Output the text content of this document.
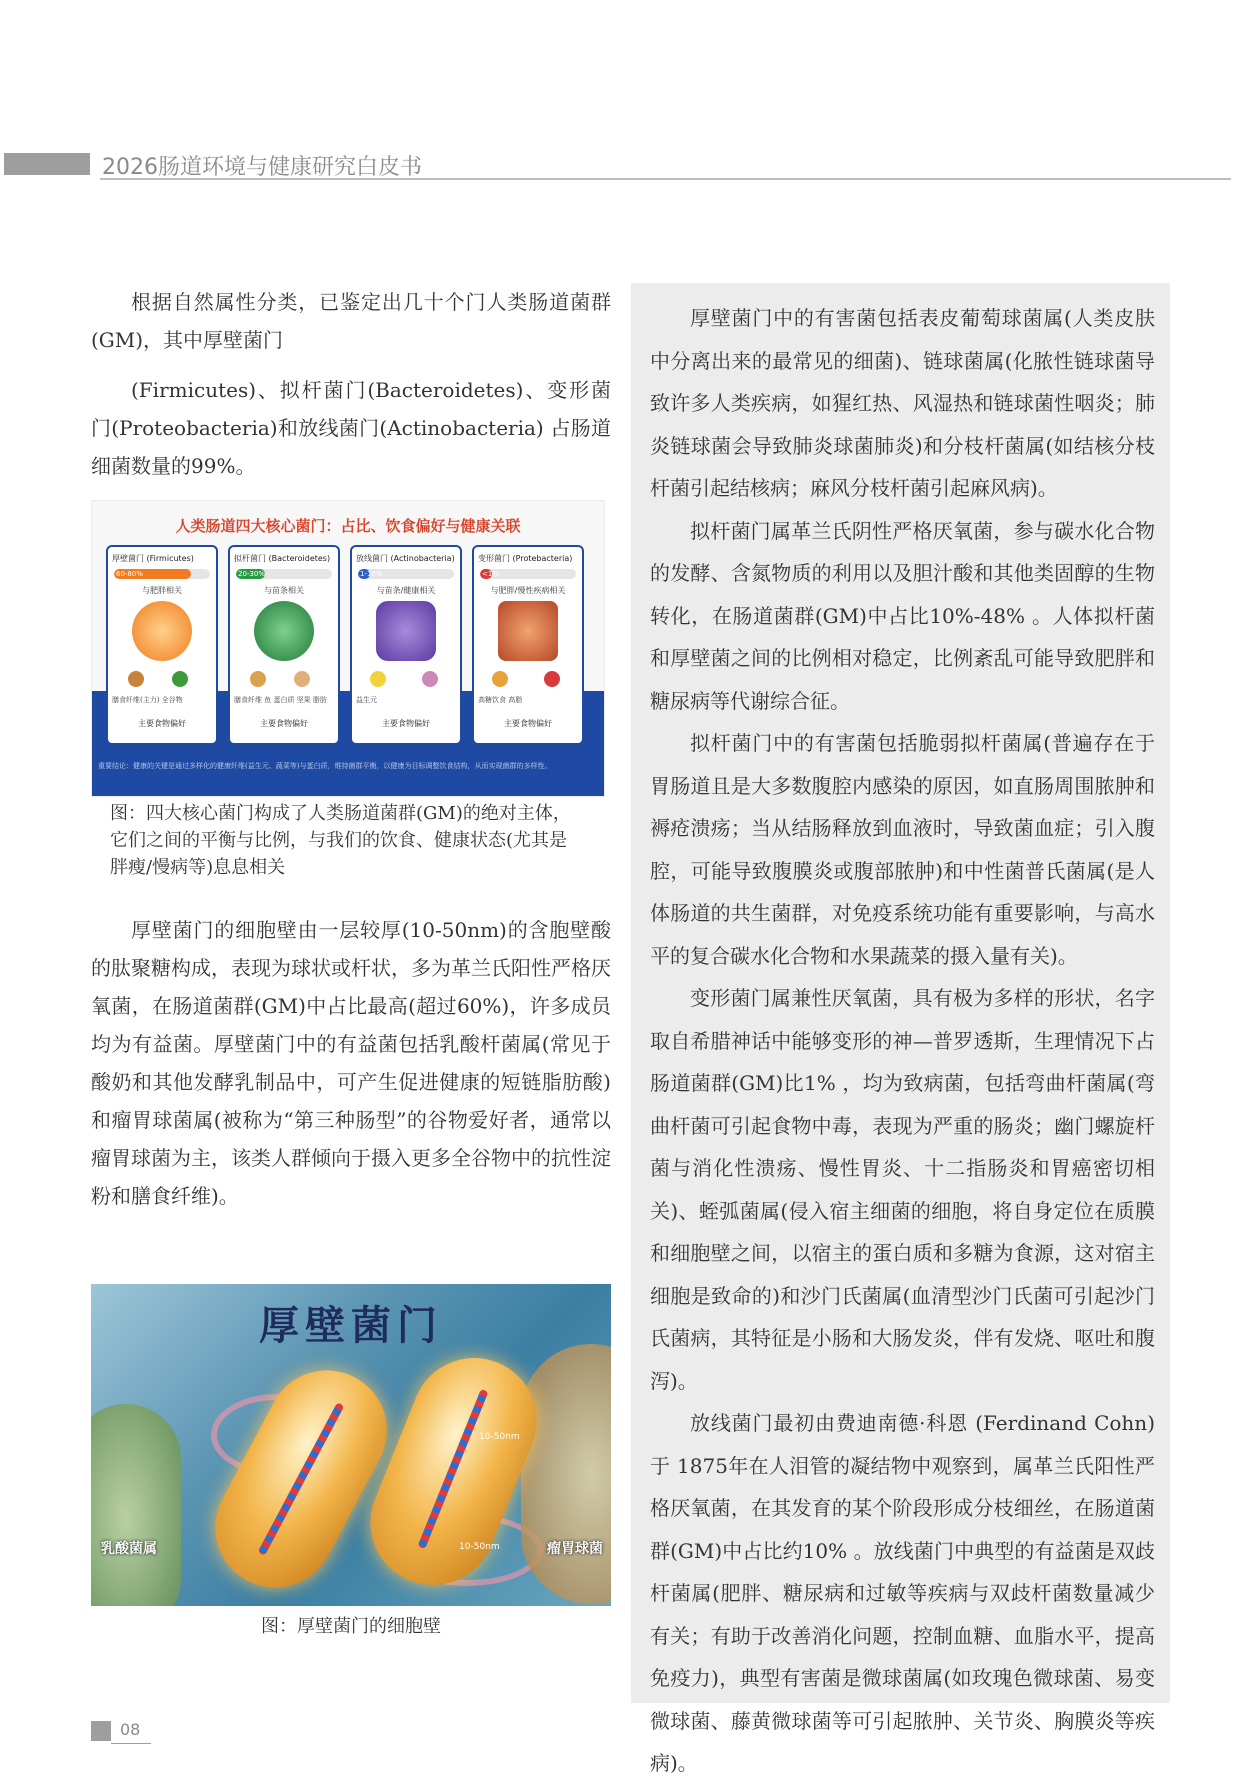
2026肠道环境与健康研究白皮书

根据自然属性分类，已鉴定出几十个门人类肠道菌群(GM)，其中厚壁菌门

(Firmicutes)、拟杆菌门(Bacteroidetes)、变形菌门(Proteobacteria)和放线菌门(Actinobacteria) 占肠道细菌数量的99%。

人类肠道四大核心菌门：占比、饮食偏好与健康关联
厚壁菌门 (Firmicutes)
60-80%
与肥胖相关
膳食纤维(主力) 全谷物
主要食物偏好
拟杆菌门 (Bacteroidetes)
20-30%
与苗条相关
膳食纤维 鱼 蛋白质 坚果 脂肪
主要食物偏好
放线菌门 (Actinobacteria)
1-10%
与苗条/健康相关
益生元
主要食物偏好
变形菌门 (Protebacteria)
<1%
与肥胖/慢性疾病相关
高糖饮食 高脂
主要食物偏好
重要结论：健康的关键是通过多样化的健康纤维(益生元、蔬菜等)与蛋白质，维持菌群平衡，以健康为目标调整饮食结构，从而实现菌群的多样性。
图：四大核心菌门构成了人类肠道菌群(GM)的绝对主体，它们之间的平衡与比例，与我们的饮食、健康状态(尤其是胖瘦/慢病等)息息相关

厚壁菌门的细胞壁由一层较厚(10-50nm)的含胞壁酸的肽聚糖构成，表现为球状或杆状，多为革兰氏阳性严格厌氧菌，在肠道菌群(GM)中占比最高(超过60%)，许多成员均为有益菌。厚壁菌门中的有益菌包括乳酸杆菌属(常见于酸奶和其他发酵乳制品中，可产生促进健康的短链脂肪酸)和瘤胃球菌属(被称为“第三种肠型”的谷物爱好者，通常以瘤胃球菌为主，该类人群倾向于摄入更多全谷物中的抗性淀粉和膳食纤维)。

厚壁菌门
乳酸菌属	瘤胃球菌
10-50nm
10-50nm
图：厚壁菌门的细胞壁

厚壁菌门中的有害菌包括表皮葡萄球菌属(人类皮肤中分离出来的最常见的细菌)、链球菌属(化脓性链球菌导致许多人类疾病，如猩红热、风湿热和链球菌性咽炎；肺炎链球菌会导致肺炎球菌肺炎)和分枝杆菌属(如结核分枝杆菌引起结核病；麻风分枝杆菌引起麻风病)。

拟杆菌门属革兰氏阴性严格厌氧菌，参与碳水化合物的发酵、含氮物质的利用以及胆汁酸和其他类固醇的生物转化，在肠道菌群(GM)中占比10%-48% 。人体拟杆菌和厚壁菌之间的比例相对稳定，比例紊乱可能导致肥胖和糖尿病等代谢综合征。

拟杆菌门中的有害菌包括脆弱拟杆菌属(普遍存在于胃肠道且是大多数腹腔内感染的原因，如直肠周围脓肿和褥疮溃疡；当从结肠释放到血液时，导致菌血症；引入腹腔，可能导致腹膜炎或腹部脓肿)和中性菌普氏菌属(是人体肠道的共生菌群，对免疫系统功能有重要影响，与高水平的复合碳水化合物和水果蔬菜的摄入量有关)。

变形菌门属兼性厌氧菌，具有极为多样的形状，名字取自希腊神话中能够变形的神—普罗透斯，生理情况下占肠道菌群(GM)比1% ，均为致病菌，包括弯曲杆菌属(弯曲杆菌可引起食物中毒，表现为严重的肠炎；幽门螺旋杆菌与消化性溃疡、慢性胃炎、十二指肠炎和胃癌密切相关)、蛭弧菌属(侵入宿主细菌的细胞，将自身定位在质膜和细胞壁之间，以宿主的蛋白质和多糖为食源，这对宿主细胞是致命的)和沙门氏菌属(血清型沙门氏菌可引起沙门氏菌病，其特征是小肠和大肠发炎，伴有发烧、呕吐和腹泻)。

放线菌门最初由费迪南德·科恩 (Ferdinand Cohn)于 1875年在人泪管的凝结物中观察到，属革兰氏阳性严格厌氧菌，在其发育的某个阶段形成分枝细丝，在肠道菌群(GM)中占比约10% 。放线菌门中典型的有益菌是双歧杆菌属(肥胖、糖尿病和过敏等疾病与双歧杆菌数量减少有关；有助于改善消化问题，控制血糖、血脂水平，提高免疫力)，典型有害菌是微球菌属(如玫瑰色微球菌、易变微球菌、藤黄微球菌等可引起脓肿、关节炎、胸膜炎等疾病)。

08
